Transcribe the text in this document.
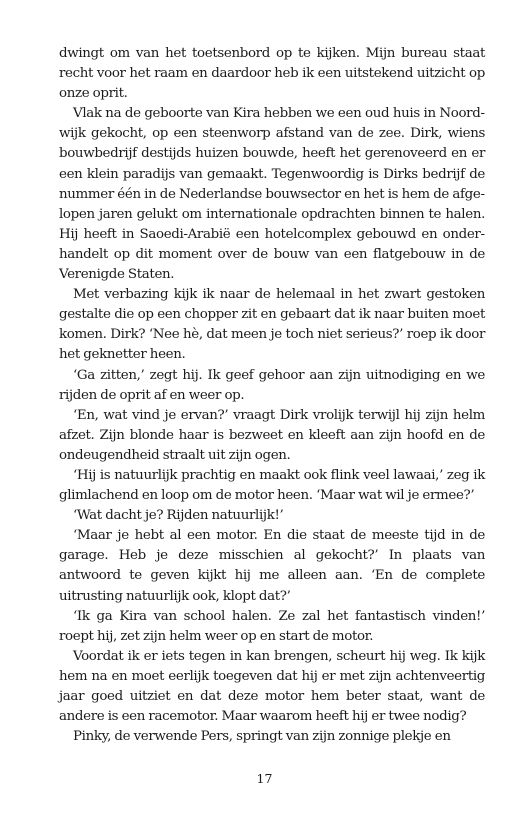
dwingt om van het toetsenbord op te kijken. Mijn bureau staat recht voor het raam en daardoor heb ik een uitstekend uitzicht op onze oprit.

Vlak na de geboorte van Kira hebben we een oud huis in Noordwijk gekocht, op een steenworp afstand van de zee. Dirk, wiens bouwbedrijf destijds huizen bouwde, heeft het gerenoveerd en er een klein paradijs van gemaakt. Tegenwoordig is Dirks bedrijf de nummer één in de Nederlandse bouwsector en het is hem de afgelopen jaren gelukt om internationale opdrachten binnen te halen. Hij heeft in Saoedi-Arabië een hotelcomplex gebouwd en onderhandelt op dit moment over de bouw van een flatgebouw in de Verenigde Staten.

Met verbazing kijk ik naar de helemaal in het zwart gestoken gestalte die op een chopper zit en gebaart dat ik naar buiten moet komen. Dirk? ‘Nee hè, dat meen je toch niet serieus?’ roep ik door het geknetter heen.

‘Ga zitten,’ zegt hij. Ik geef gehoor aan zijn uitnodiging en we rijden de oprit af en weer op.

‘En, wat vind je ervan?’ vraagt Dirk vrolijk terwijl hij zijn helm afzet. Zijn blonde haar is bezweet en kleeft aan zijn hoofd en de ondeugendheid straalt uit zijn ogen.

‘Hij is natuurlijk prachtig en maakt ook flink veel lawaai,’ zeg ik glimlachend en loop om de motor heen. ‘Maar wat wil je ermee?’

‘Wat dacht je? Rijden natuurlijk!’

‘Maar je hebt al een motor. En die staat de meeste tijd in de garage. Heb je deze misschien al gekocht?’ In plaats van antwoord te geven kijkt hij me alleen aan. ‘En de complete uitrusting natuurlijk ook, klopt dat?’

‘Ik ga Kira van school halen. Ze zal het fantastisch vinden!’ roept hij, zet zijn helm weer op en start de motor.

Voordat ik er iets tegen in kan brengen, scheurt hij weg. Ik kijk hem na en moet eerlijk toegeven dat hij er met zijn achtenveertig jaar goed uitziet en dat deze motor hem beter staat, want de andere is een racemotor. Maar waarom heeft hij er twee nodig?

Pinky, de verwende Pers, springt van zijn zonnige plekje en

17
